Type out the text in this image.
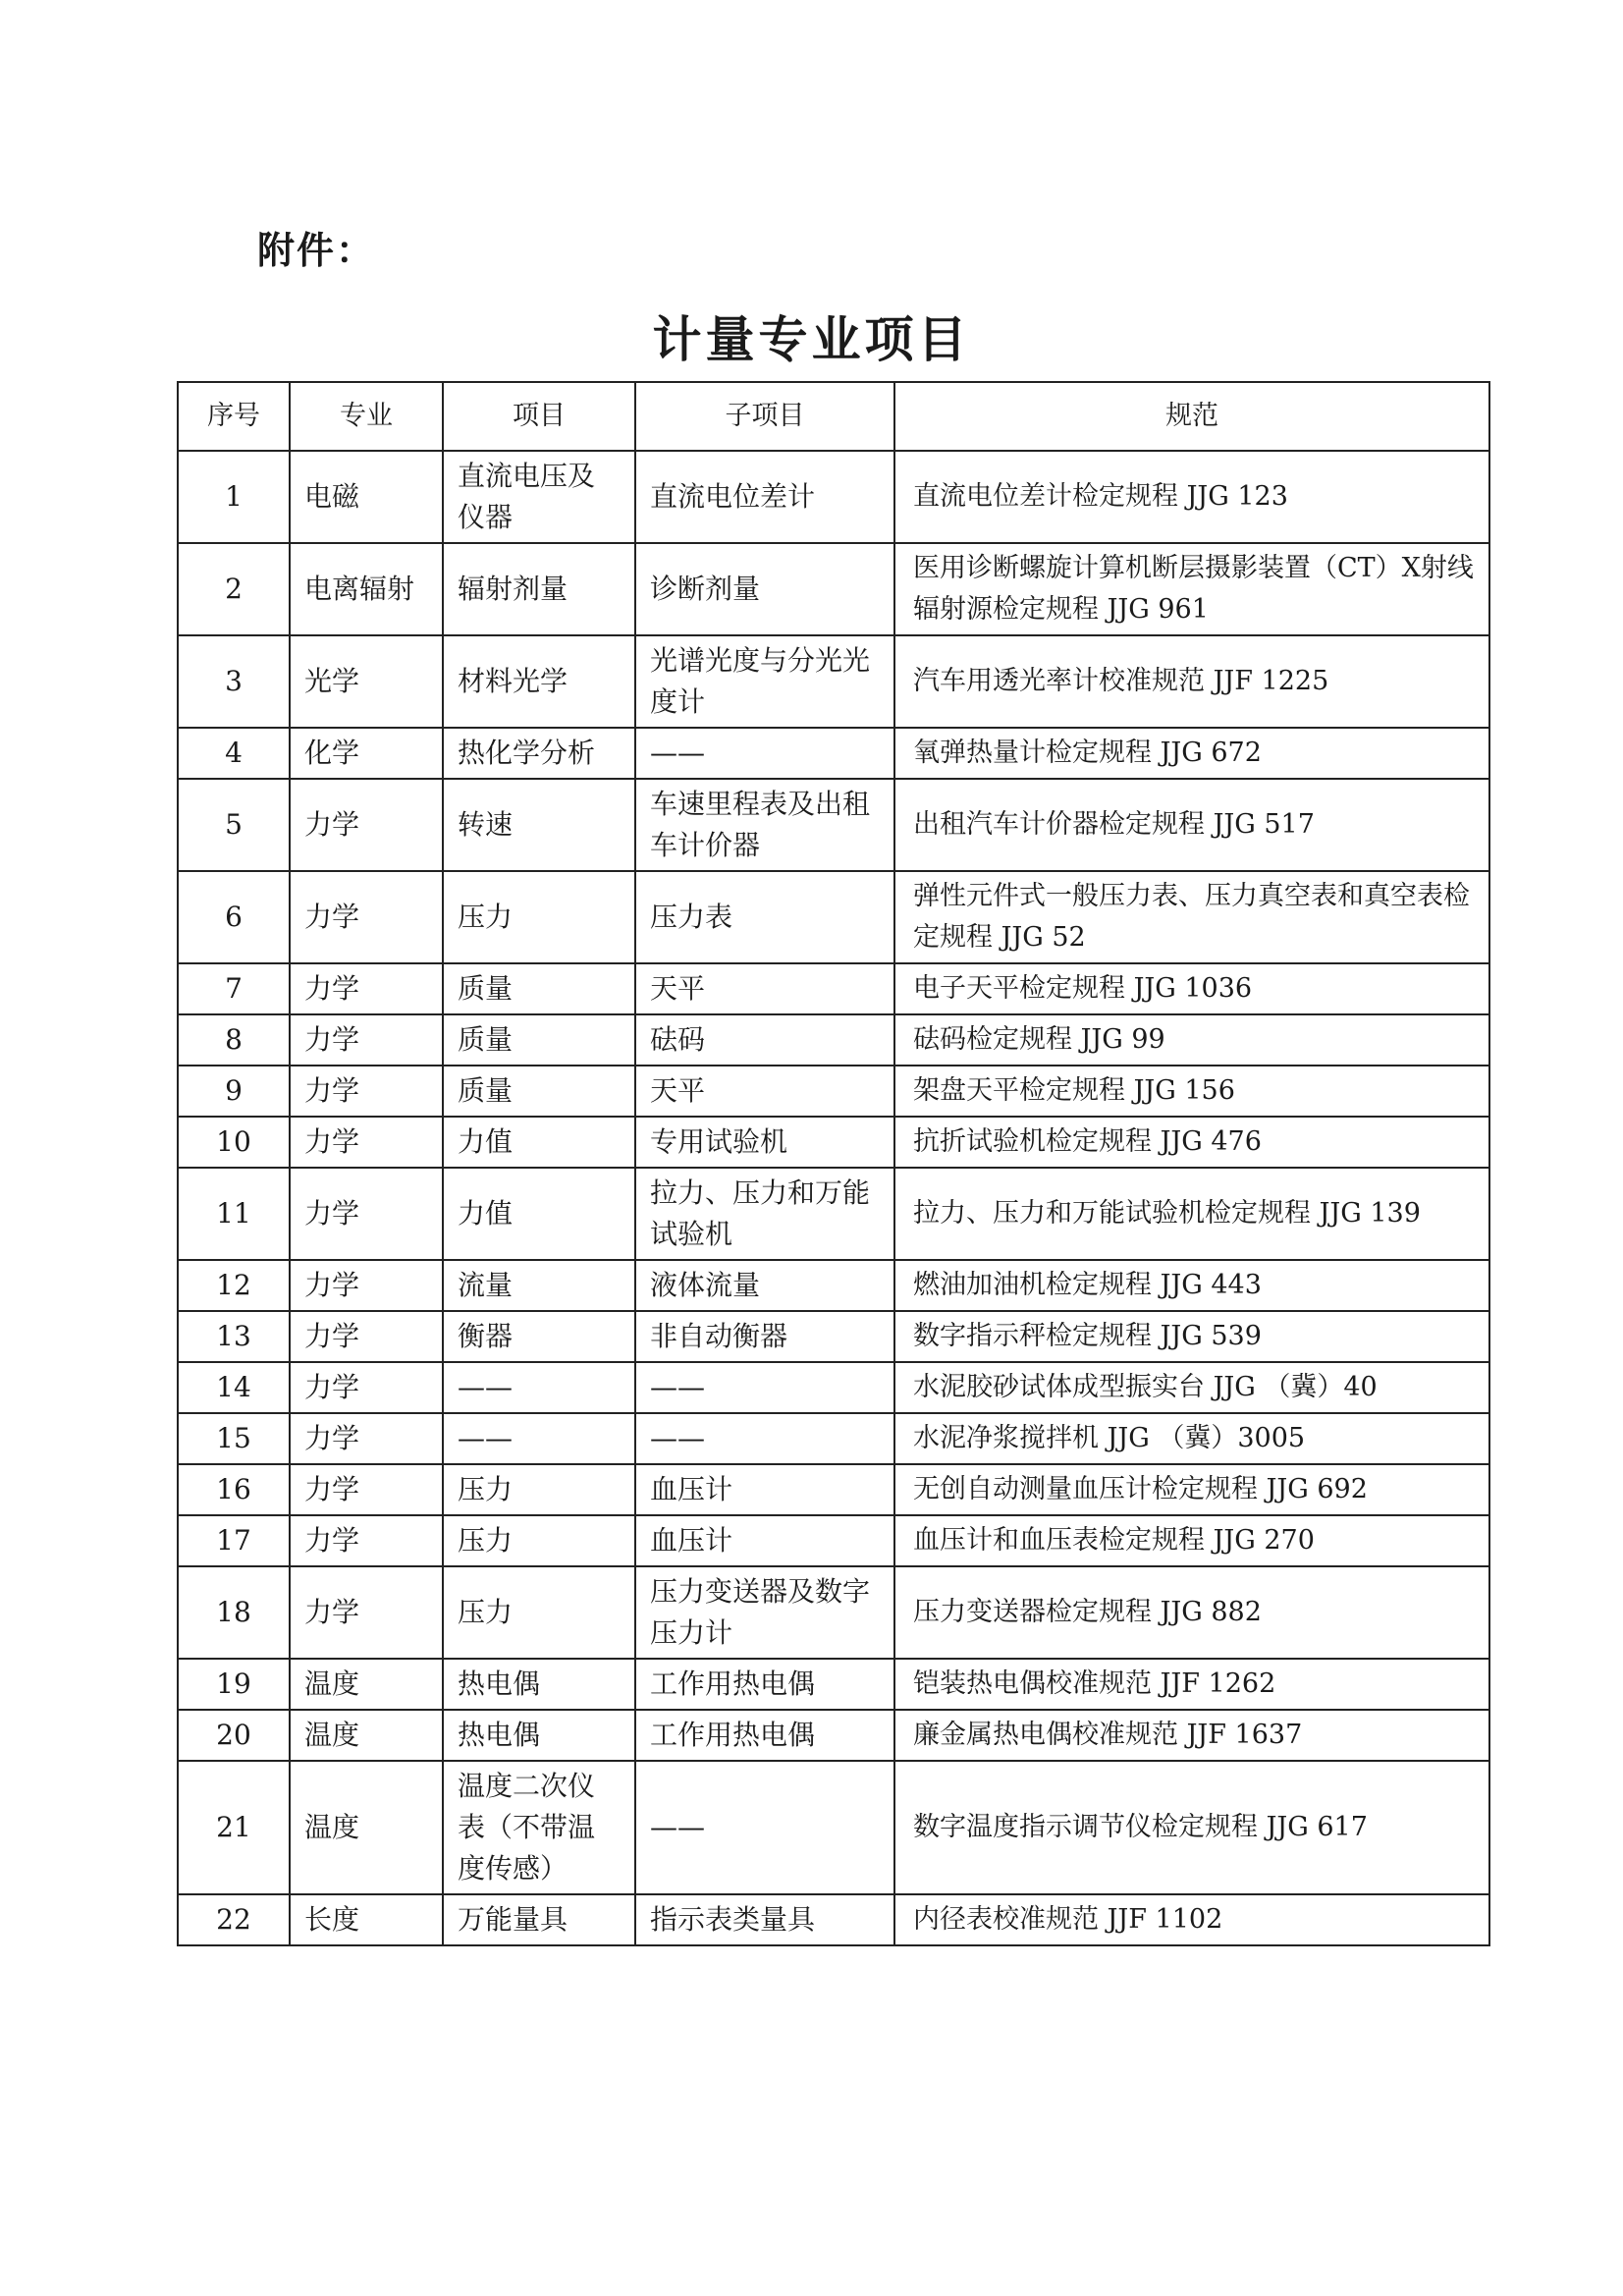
附件：
计量专业项目
序号	专业	项目	子项目	规范
1	电磁	直流电压及仪器	直流电位差计	直流电位差计检定规程 JJG 123
2	电离辐射	辐射剂量	诊断剂量	医用诊断螺旋计算机断层摄影装置（CT）X射线辐射源检定规程 JJG 961
3	光学	材料光学	光谱光度与分光光度计	汽车用透光率计校准规范 JJF 1225
4	化学	热化学分析	——	氧弹热量计检定规程 JJG 672
5	力学	转速	车速里程表及出租车计价器	出租汽车计价器检定规程 JJG 517
6	力学	压力	压力表	弹性元件式一般压力表、压力真空表和真空表检定规程 JJG 52
7	力学	质量	天平	电子天平检定规程 JJG 1036
8	力学	质量	砝码	砝码检定规程 JJG 99
9	力学	质量	天平	架盘天平检定规程 JJG 156
10	力学	力值	专用试验机	抗折试验机检定规程 JJG 476
11	力学	力值	拉力、压力和万能试验机	拉力、压力和万能试验机检定规程 JJG 139
12	力学	流量	液体流量	燃油加油机检定规程 JJG 443
13	力学	衡器	非自动衡器	数字指示秤检定规程 JJG 539
14	力学	——	——	水泥胶砂试体成型振实台 JJG （冀）40
15	力学	——	——	水泥净浆搅拌机 JJG （冀）3005
16	力学	压力	血压计	无创自动测量血压计检定规程 JJG 692
17	力学	压力	血压计	血压计和血压表检定规程 JJG 270
18	力学	压力	压力变送器及数字压力计	压力变送器检定规程 JJG 882
19	温度	热电偶	工作用热电偶	铠装热电偶校准规范 JJF 1262
20	温度	热电偶	工作用热电偶	廉金属热电偶校准规范 JJF 1637
21	温度	温度二次仪表（不带温度传感）	——	数字温度指示调节仪检定规程 JJG 617
22	长度	万能量具	指示表类量具	内径表校准规范 JJF 1102
